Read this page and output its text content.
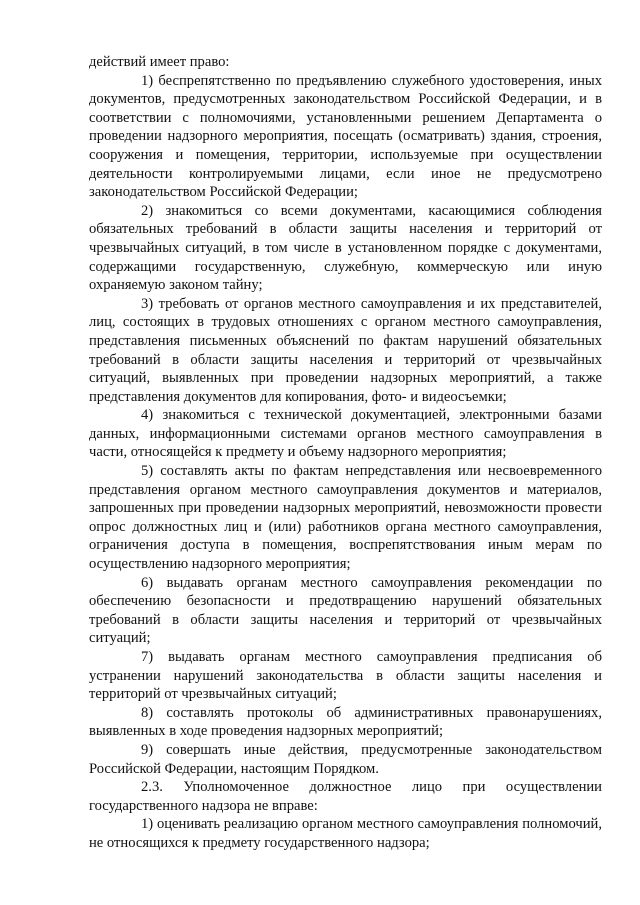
действий имеет право:

1) беспрепятственно по предъявлению служебного удостоверения, иных документов, предусмотренных законодательством Российской Федерации, и в соответствии с полномочиями, установленными решением Департамента о проведении надзорного мероприятия, посещать (осматривать) здания, строения, сооружения и помещения, территории, используемые при осуществлении деятельности контролируемыми лицами, если иное не предусмотрено законодательством Российской Федерации;

2) знакомиться со всеми документами, касающимися соблюдения обязательных требований в области защиты населения и территорий от чрезвычайных ситуаций, в том числе в установленном порядке с документами, содержащими государственную, служебную, коммерческую или иную охраняемую законом тайну;

3) требовать от органов местного самоуправления и их представителей, лиц, состоящих в трудовых отношениях с органом местного самоуправления, представления письменных объяснений по фактам нарушений обязательных требований в области защиты населения и территорий от чрезвычайных ситуаций, выявленных при проведении надзорных мероприятий, а также представления документов для копирования, фото- и видеосъемки;

4) знакомиться с технической документацией, электронными базами данных, информационными системами органов местного самоуправления в части, относящейся к предмету и объему надзорного мероприятия;

5) составлять акты по фактам непредставления или несвоевременного представления органом местного самоуправления документов и материалов, запрошенных при проведении надзорных мероприятий, невозможности провести опрос должностных лиц и (или) работников органа местного самоуправления, ограничения доступа в помещения, воспрепятствования иным мерам по осуществлению надзорного мероприятия;

6) выдавать органам местного самоуправления рекомендации по обеспечению безопасности и предотвращению нарушений обязательных требований в области защиты населения и территорий от чрезвычайных ситуаций;

7) выдавать органам местного самоуправления предписания об устранении нарушений законодательства в области защиты населения и территорий от чрезвычайных ситуаций;

8) составлять протоколы об административных правонарушениях, выявленных в ходе проведения надзорных мероприятий;

9) совершать иные действия, предусмотренные законодательством Российской Федерации, настоящим Порядком.

2.3. Уполномоченное должностное лицо при осуществлении государственного надзора не вправе:

1) оценивать реализацию органом местного самоуправления полномочий, не относящихся к предмету государственного надзора;
